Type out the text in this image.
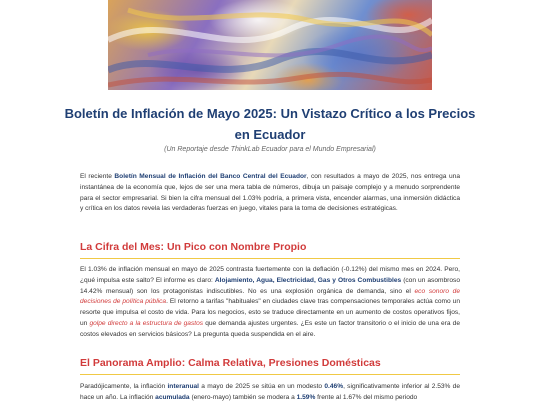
Boletín de Inflación de Mayo 2025: Un Vistazo Crítico a los Precios en Ecuador
(Un Reportaje desde ThinkLab Ecuador para el Mundo Empresarial)

El reciente Boletín Mensual de Inflación del Banco Central del Ecuador, con resultados a mayo de 2025, nos entrega una instantánea de la economía que, lejos de ser una mera tabla de números, dibuja un paisaje complejo y a menudo sorprendente para el sector empresarial. Si bien la cifra mensual del 1.03% podría, a primera vista, encender alarmas, una inmersión didáctica y crítica en los datos revela las verdaderas fuerzas en juego, vitales para la toma de decisiones estratégicas.

La Cifra del Mes: Un Pico con Nombre Propio

El 1.03% de inflación mensual en mayo de 2025 contrasta fuertemente con la deflación (-0.12%) del mismo mes en 2024. Pero, ¿qué impulsa este salto? El informe es claro: Alojamiento, Agua, Electricidad, Gas y Otros Combustibles (con un asombroso 14.42% mensual) son los protagonistas indiscutibles. No es una explosión orgánica de demanda, sino el eco sonoro de decisiones de política pública. El retorno a tarifas "habituales" en ciudades clave tras compensaciones temporales actúa como un resorte que impulsa el costo de vida. Para los negocios, esto se traduce directamente en un aumento de costos operativos fijos, un golpe directo a la estructura de gastos que demanda ajustes urgentes. ¿Es este un factor transitorio o el inicio de una era de costos elevados en servicios básicos? La pregunta queda suspendida en el aire.

El Panorama Amplio: Calma Relativa, Presiones Domésticas

Paradójicamente, la inflación interanual a mayo de 2025 se sitúa en un modesto 0.46%, significativamente inferior al 2.53% de hace un año. La inflación acumulada (enero-mayo) también se modera a 1.59% frente al 1.67% del mismo periodo
